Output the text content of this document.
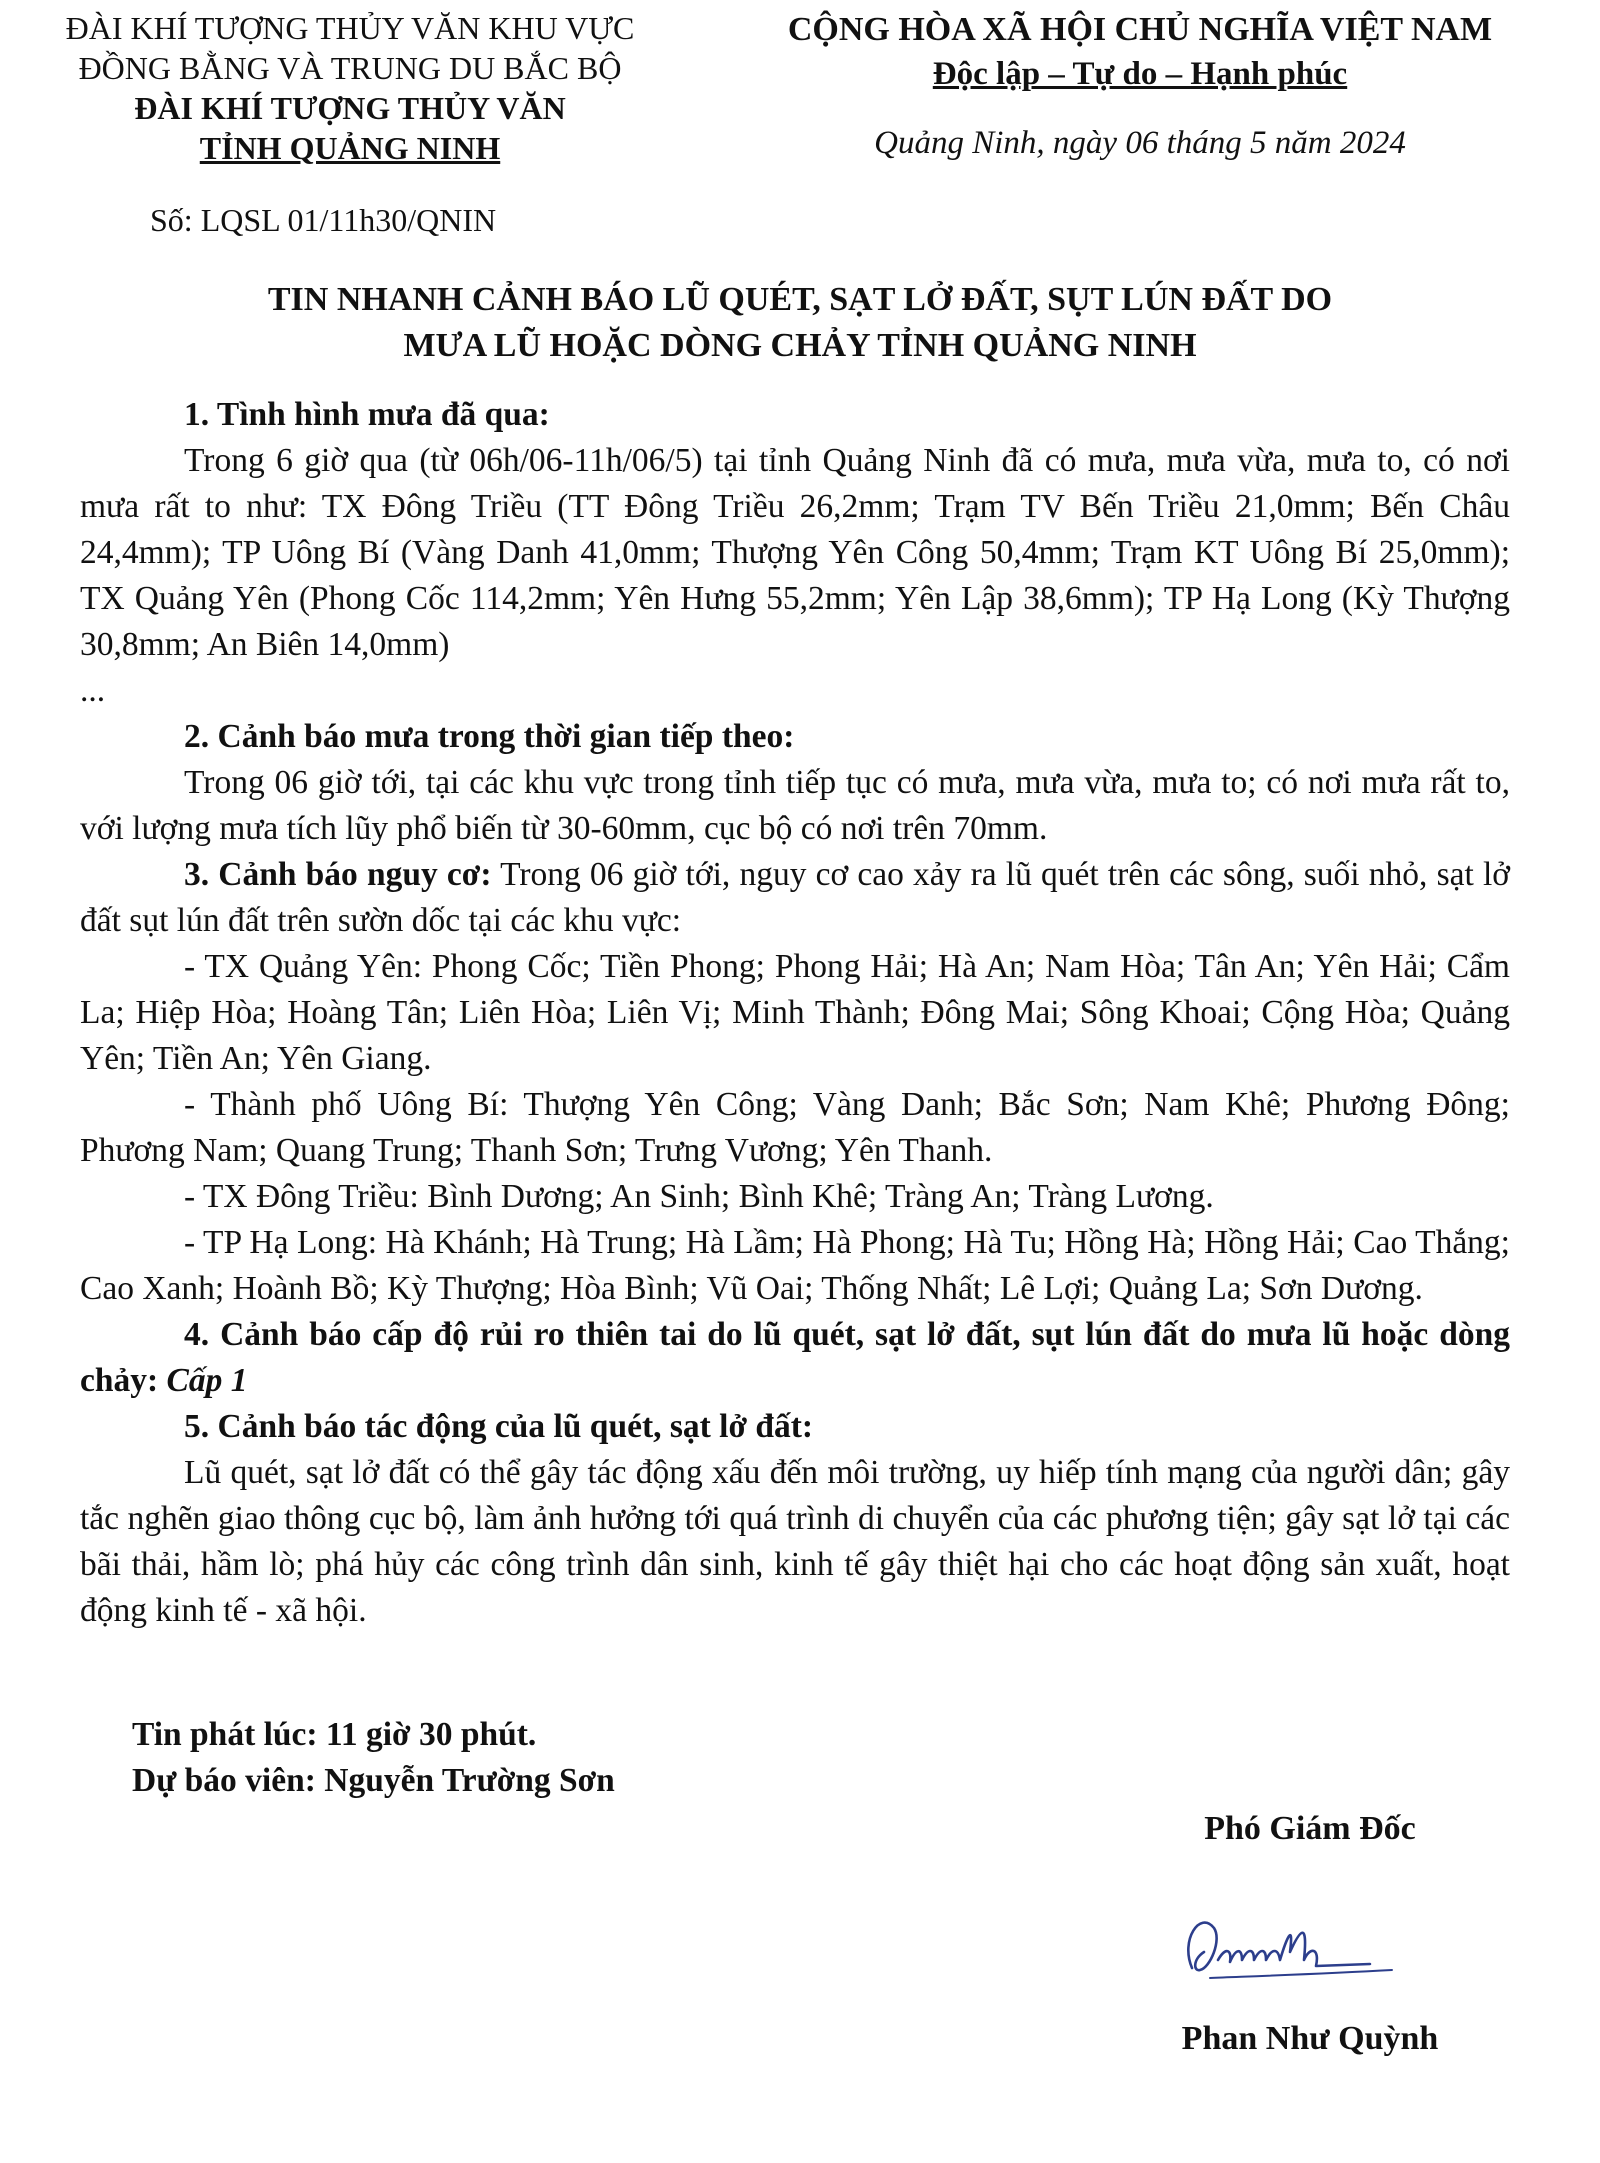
ĐÀI KHÍ TƯỢNG THỦY VĂN KHU VỰC
ĐỒNG BẰNG VÀ TRUNG DU BẮC BỘ
ĐÀI KHÍ TƯỢNG THỦY VĂN
TỈNH QUẢNG NINH
CỘNG HÒA XÃ HỘI CHỦ NGHĨA VIỆT NAM
Độc lập – Tự do – Hạnh phúc
Quảng Ninh, ngày 06 tháng 5 năm 2024
Số: LQSL 01/11h30/QNIN
TIN NHANH CẢNH BÁO LŨ QUÉT, SẠT LỞ ĐẤT, SỤT LÚN ĐẤT DO
MƯA LŨ HOẶC DÒNG CHẢY TỈNH QUẢNG NINH

1. Tình hình mưa đã qua:

Trong 6 giờ qua (từ 06h/06-11h/06/5) tại tỉnh Quảng Ninh đã có mưa, mưa vừa, mưa to, có nơi mưa rất to như: TX Đông Triều (TT Đông Triều 26,2mm; Trạm TV Bến Triều 21,0mm; Bến Châu 24,4mm); TP Uông Bí (Vàng Danh 41,0mm; Thượng Yên Công 50,4mm; Trạm KT Uông Bí 25,0mm); TX Quảng Yên (Phong Cốc 114,2mm; Yên Hưng 55,2mm; Yên Lập 38,6mm); TP Hạ Long (Kỳ Thượng 30,8mm; An Biên 14,0mm)

...

2. Cảnh báo mưa trong thời gian tiếp theo:

Trong 06 giờ tới, tại các khu vực trong tỉnh tiếp tục có mưa, mưa vừa, mưa to; có nơi mưa rất to, với lượng mưa tích lũy phổ biến từ 30-60mm, cục bộ có nơi trên 70mm.

3. Cảnh báo nguy cơ: Trong 06 giờ tới, nguy cơ cao xảy ra lũ quét trên các sông, suối nhỏ, sạt lở đất sụt lún đất trên sườn dốc tại các khu vực:

- TX Quảng Yên: Phong Cốc; Tiền Phong; Phong Hải; Hà An; Nam Hòa; Tân An; Yên Hải; Cẩm La; Hiệp Hòa; Hoàng Tân; Liên Hòa; Liên Vị; Minh Thành; Đông Mai; Sông Khoai; Cộng Hòa; Quảng Yên; Tiền An; Yên Giang.

- Thành phố Uông Bí: Thượng Yên Công; Vàng Danh; Bắc Sơn; Nam Khê; Phương Đông; Phương Nam; Quang Trung; Thanh Sơn; Trưng Vương; Yên Thanh.

- TX Đông Triều: Bình Dương; An Sinh; Bình Khê; Tràng An; Tràng Lương.

- TP Hạ Long: Hà Khánh; Hà Trung; Hà Lầm; Hà Phong; Hà Tu; Hồng Hà; Hồng Hải; Cao Thắng; Cao Xanh; Hoành Bồ; Kỳ Thượng; Hòa Bình; Vũ Oai; Thống Nhất; Lê Lợi; Quảng La; Sơn Dương.

4. Cảnh báo cấp độ rủi ro thiên tai do lũ quét, sạt lở đất, sụt lún đất do mưa lũ hoặc dòng chảy: Cấp 1

5. Cảnh báo tác động của lũ quét, sạt lở đất:

Lũ quét, sạt lở đất có thể gây tác động xấu đến môi trường, uy hiếp tính mạng của người dân; gây tắc nghẽn giao thông cục bộ, làm ảnh hưởng tới quá trình di chuyển của các phương tiện; gây sạt lở tại các bãi thải, hầm lò; phá hủy các công trình dân sinh, kinh tế gây thiệt hại cho các hoạt động sản xuất, hoạt động kinh tế - xã hội.

Tin phát lúc: 11 giờ 30 phút.
Dự báo viên: Nguyễn Trường Sơn
Phó Giám Đốc
Phan Như Quỳnh
